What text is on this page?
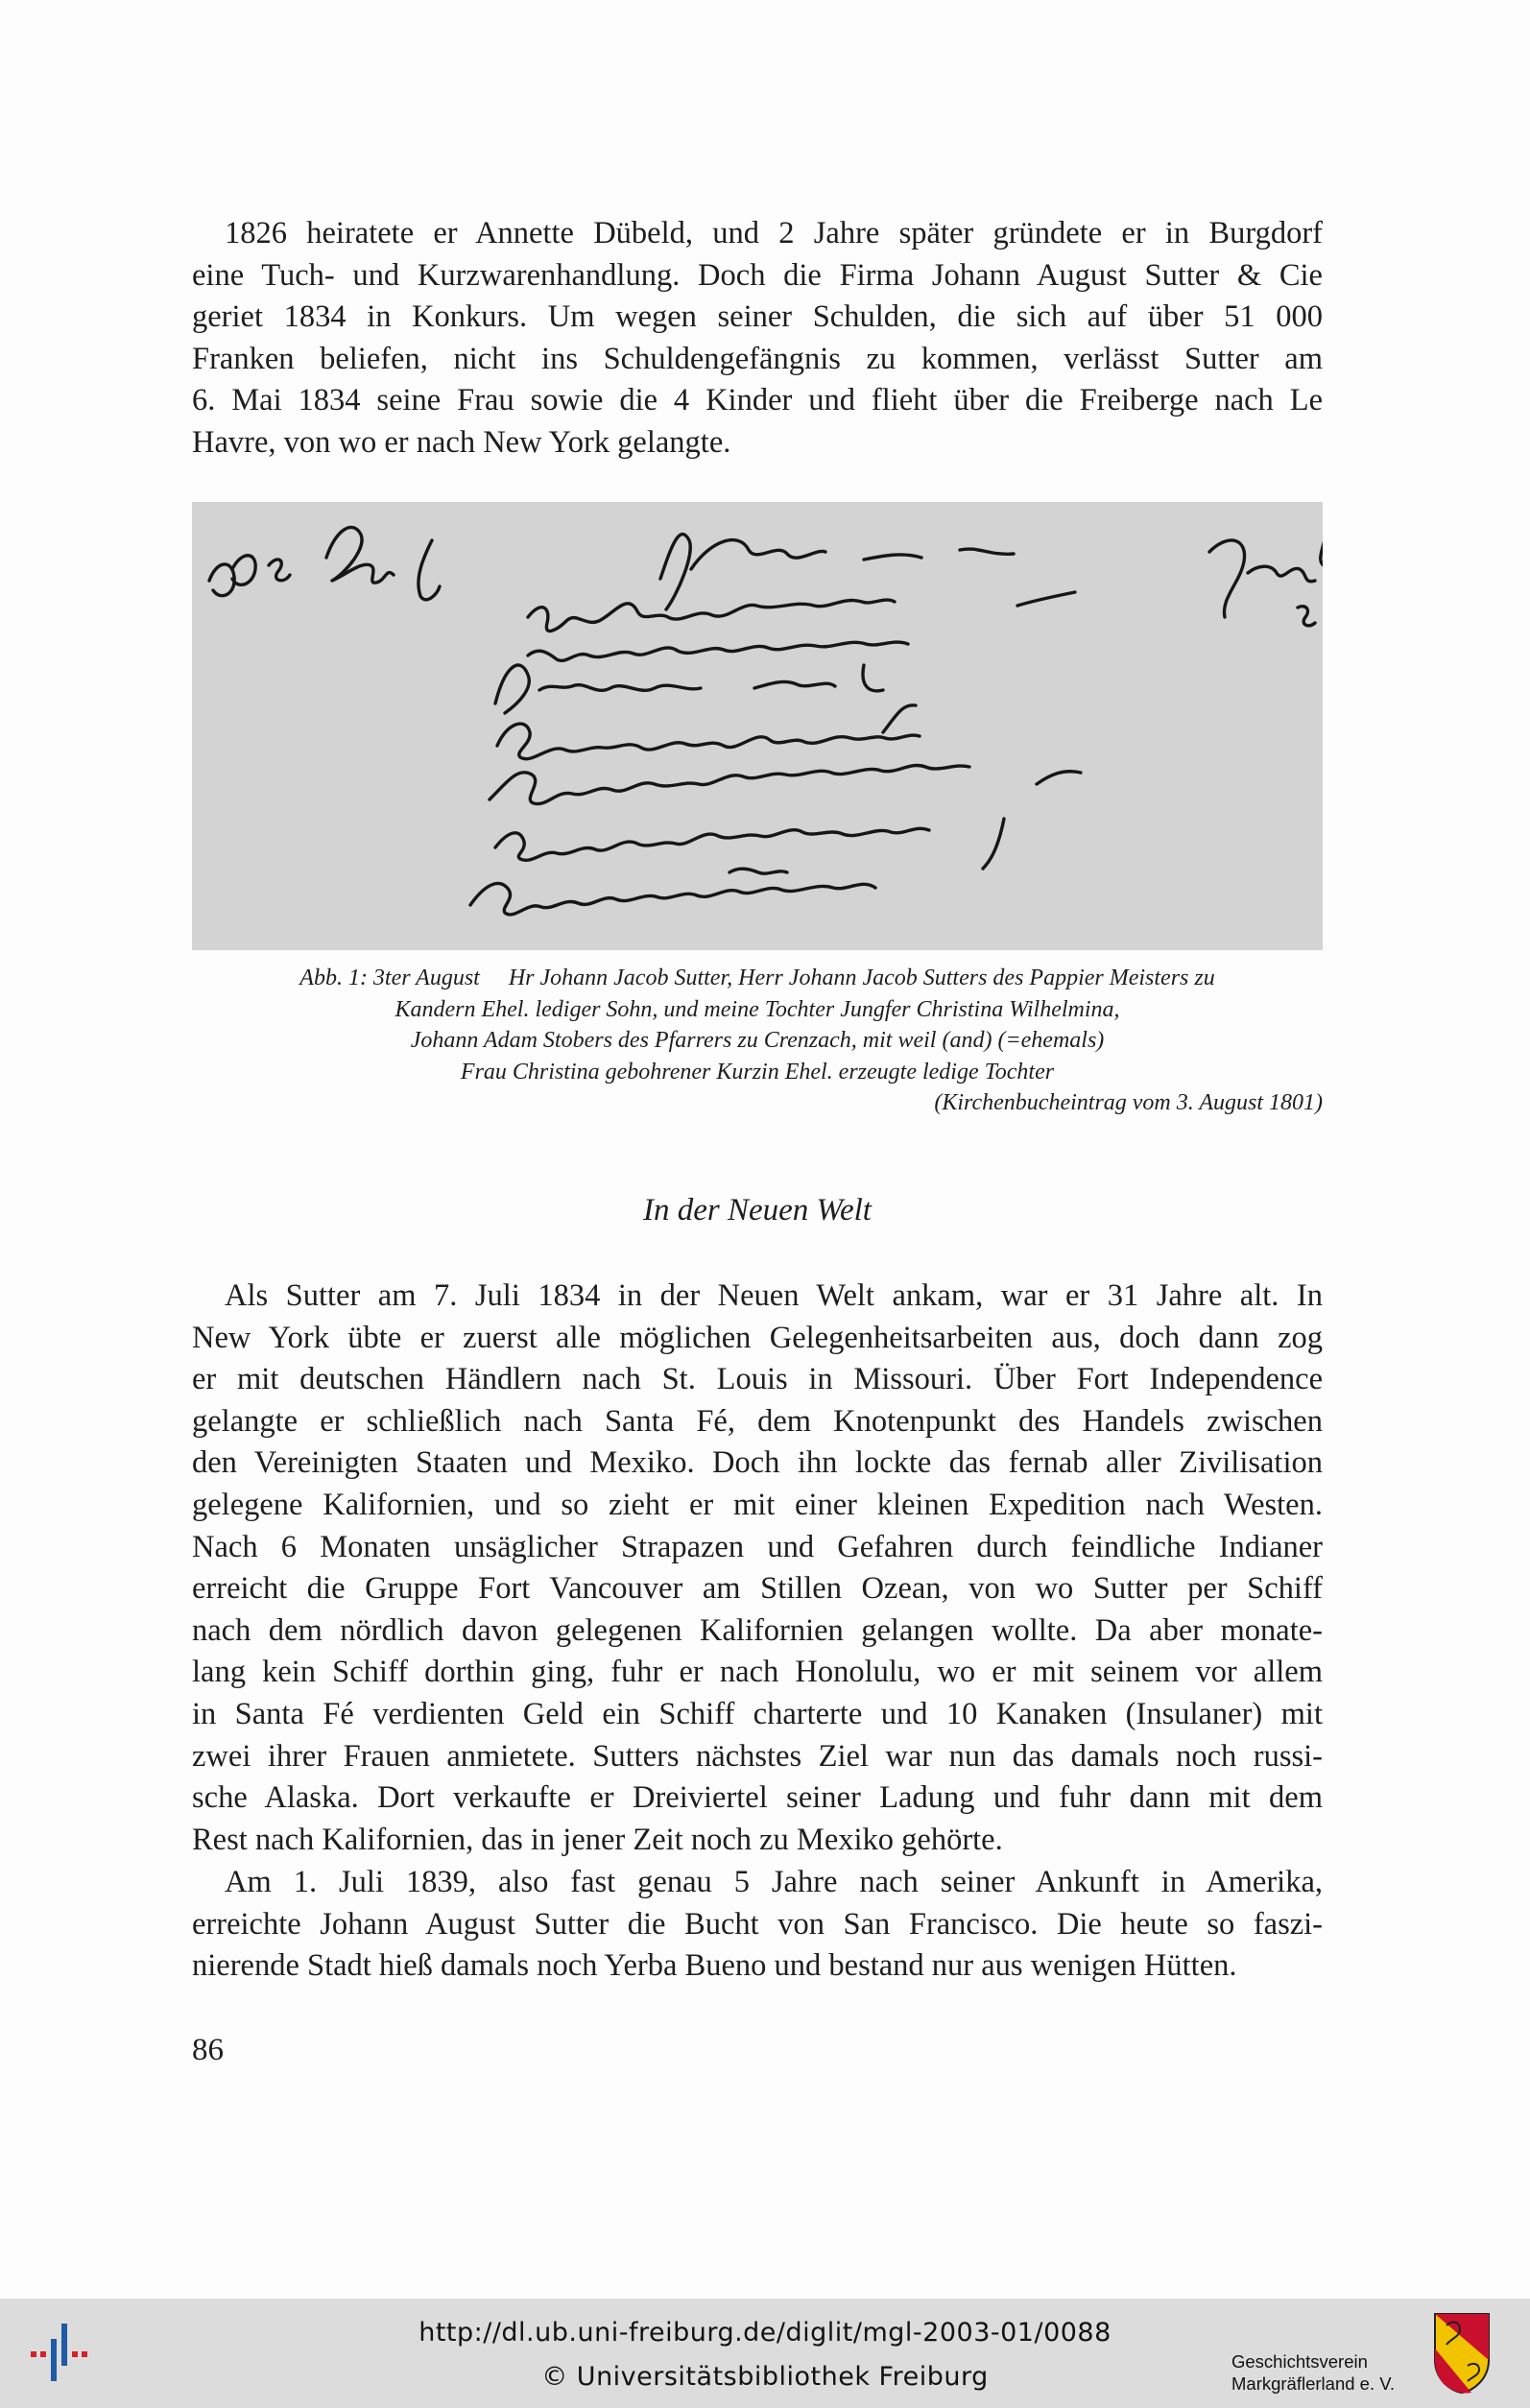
1826 heiratete er Annette Dübeld, und 2 Jahre später gründete er in Burgdorf
eine Tuch- und Kurzwarenhandlung. Doch die Firma Johann August Sutter & Cie
geriet 1834 in Konkurs. Um wegen seiner Schulden, die sich auf über 51 000
Franken beliefen, nicht ins Schuldengefängnis zu kommen, verlässt Sutter am
6. Mai 1834 seine Frau sowie die 4 Kinder und flieht über die Freiberge nach Le
Havre, von wo er nach New York gelangte.
Abb. 1: 3ter August     Hr Johann Jacob Sutter, Herr Johann Jacob Sutters des Pappier Meisters zu
Kandern Ehel. lediger Sohn, und meine Tochter Jungfer Christina Wilhelmina,
Johann Adam Stobers des Pfarrers zu Crenzach, mit weil (and) (=ehemals)
Frau Christina gebohrener Kurzin Ehel. erzeugte ledige Tochter
(Kirchenbucheintrag vom 3. August 1801)
In der Neuen Welt
Als Sutter am 7. Juli 1834 in der Neuen Welt ankam, war er 31 Jahre alt. In
New York übte er zuerst alle möglichen Gelegenheitsarbeiten aus, doch dann zog
er mit deutschen Händlern nach St. Louis in Missouri. Über Fort Independence
gelangte er schließlich nach Santa Fé, dem Knotenpunkt des Handels zwischen
den Vereinigten Staaten und Mexiko. Doch ihn lockte das fernab aller Zivilisation
gelegene Kalifornien, und so zieht er mit einer kleinen Expedition nach Westen.
Nach 6 Monaten unsäglicher Strapazen und Gefahren durch feindliche Indianer
erreicht die Gruppe Fort Vancouver am Stillen Ozean, von wo Sutter per Schiff
nach dem nördlich davon gelegenen Kalifornien gelangen wollte. Da aber monate-
lang kein Schiff dorthin ging, fuhr er nach Honolulu, wo er mit seinem vor allem
in Santa Fé verdienten Geld ein Schiff charterte und 10 Kanaken (Insulaner) mit
zwei ihrer Frauen anmietete. Sutters nächstes Ziel war nun das damals noch russi-
sche Alaska. Dort verkaufte er Dreiviertel seiner Ladung und fuhr dann mit dem
Rest nach Kalifornien, das in jener Zeit noch zu Mexiko gehörte.
Am 1. Juli 1839, also fast genau 5 Jahre nach seiner Ankunft in Amerika,
erreichte Johann August Sutter die Bucht von San Francisco. Die heute so faszi-
nierende Stadt hieß damals noch Yerba Bueno und bestand nur aus wenigen Hütten.
86
http://dl.ub.uni-freiburg.de/diglit/mgl-2003-01/0088
© Universitätsbibliothek Freiburg
Geschichtsverein
Markgräflerland e. V.
